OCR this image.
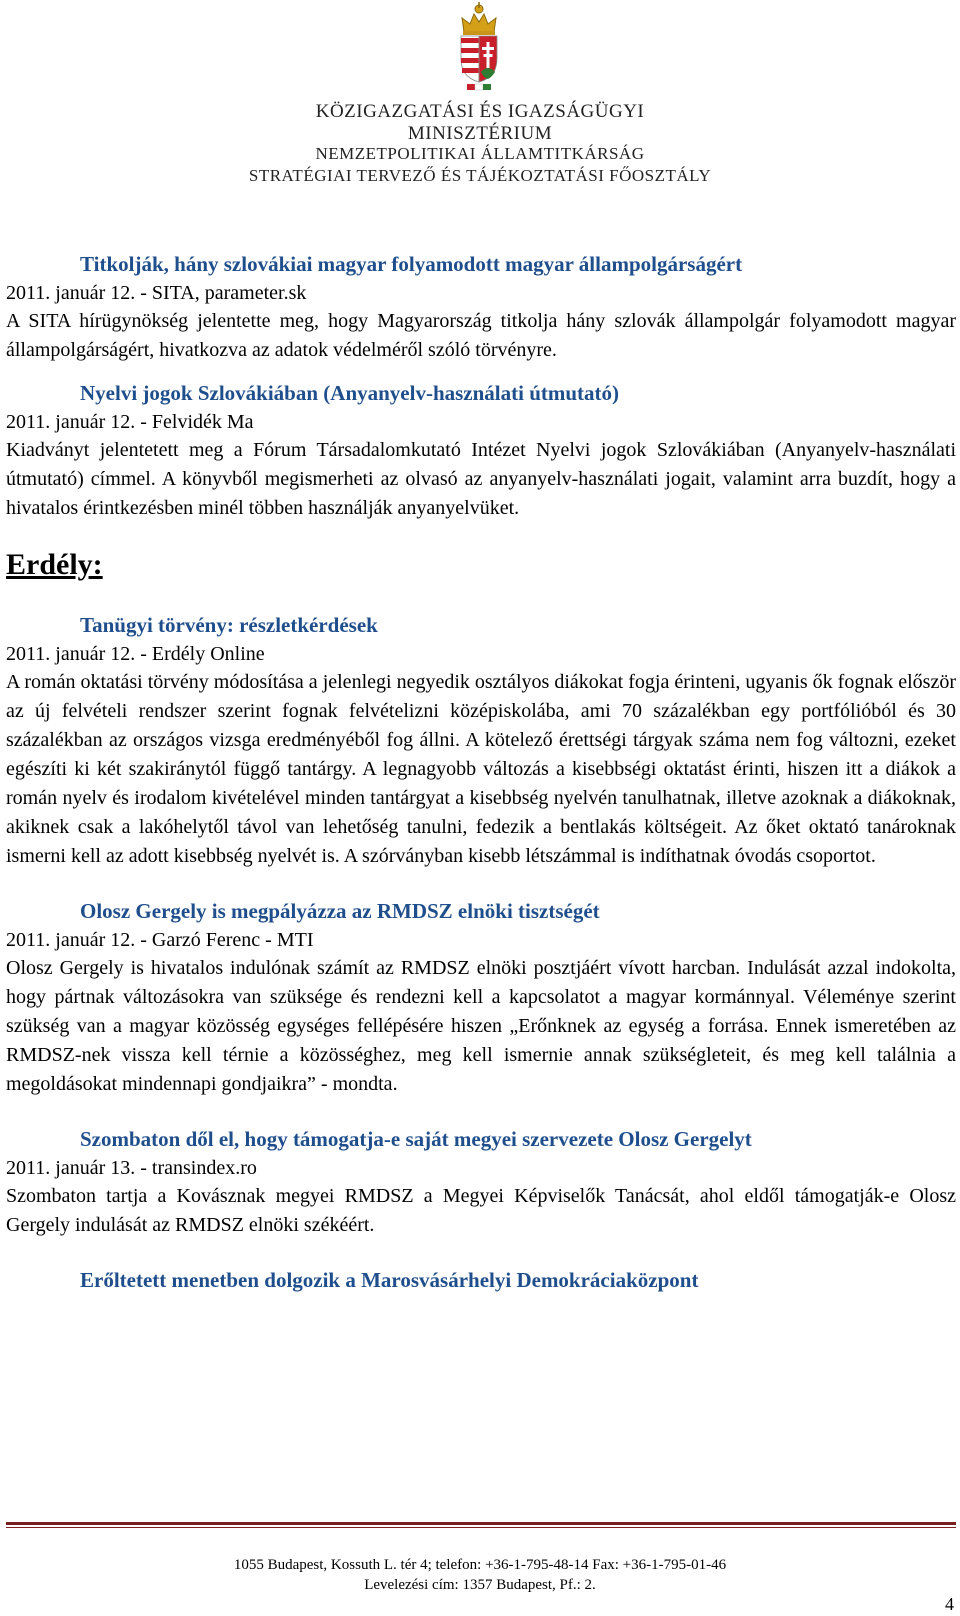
KÖZIGAZGATÁSI ÉS IGAZSÁGÜGYI
MINISZTÉRIUM
NEMZETPOLITIKAI ÁLLAMTITKÁRSÁG
STRATÉGIAI TERVEZŐ ÉS TÁJÉKOZTATÁSI FŐOSZTÁLY
Titkolják, hány szlovákiai magyar folyamodott magyar állampolgárságért
2011. január 12. - SITA, parameter.sk

A SITA hírügynökség jelentette meg, hogy Magyarország titkolja hány szlovák állampolgár folyamodott magyar állampolgárságért, hivatkozva az adatok védelméről szóló törvényre.

Nyelvi jogok Szlovákiában (Anyanyelv-használati útmutató)
2011. január 12. - Felvidék Ma

Kiadványt jelentetett meg a Fórum Társadalomkutató Intézet Nyelvi jogok Szlovákiában (Anyanyelv-használati útmutató) címmel. A könyvből megismerheti az olvasó az anyanyelv-használati jogait, valamint arra buzdít, hogy a hivatalos érintkezésben minél többen használják anyanyelvüket.

Erdély:
Tanügyi törvény: részletkérdések
2011. január 12. - Erdély Online

A román oktatási törvény módosítása a jelenlegi negyedik osztályos diákokat fogja érinteni, ugyanis ők fognak először az új felvételi rendszer szerint fognak felvételizni középiskolába, ami 70 százalékban egy portfólióból és 30 százalékban az országos vizsga eredményéből fog állni. A kötelező érettségi tárgyak száma nem fog változni, ezeket egészíti ki két szakiránytól függő tantárgy. A legnagyobb változás a kisebbségi oktatást érinti, hiszen itt a diákok a román nyelv és irodalom kivételével minden tantárgyat a kisebbség nyelvén tanulhatnak, illetve azoknak a diákoknak, akiknek csak a lakóhelytől távol van lehetőség tanulni, fedezik a bentlakás költségeit. Az őket oktató tanároknak ismerni kell az adott kisebbség nyelvét is. A szórványban kisebb létszámmal is indíthatnak óvodás csoportot.

Olosz Gergely is megpályázza az RMDSZ elnöki tisztségét
2011. január 12. - Garzó Ferenc - MTI

Olosz Gergely is hivatalos indulónak számít az RMDSZ elnöki posztjáért vívott harcban. Indulását azzal indokolta, hogy pártnak változásokra van szüksége és rendezni kell a kapcsolatot a magyar kormánnyal. Véleménye szerint szükség van a magyar közösség egységes fellépésére hiszen „Erőnknek az egység a forrása. Ennek ismeretében az RMDSZ-nek vissza kell térnie a közösséghez, meg kell ismernie annak szükségleteit, és meg kell találnia a megoldásokat mindennapi gondjaikra” - mondta.

Szombaton dől el, hogy támogatja-e saját megyei szervezete Olosz Gergelyt
2011. január 13. - transindex.ro

Szombaton tartja a Kovásznak megyei RMDSZ a Megyei Képviselők Tanácsát, ahol eldől támogatják-e Olosz Gergely indulását az RMDSZ elnöki székéért.

Erőltetett menetben dolgozik a Marosvásárhelyi Demokráciaközpont
1055 Budapest, Kossuth L. tér 4; telefon: +36-1-795-48-14 Fax: +36-1-795-01-46
Levelezési cím: 1357 Budapest, Pf.: 2.
4
